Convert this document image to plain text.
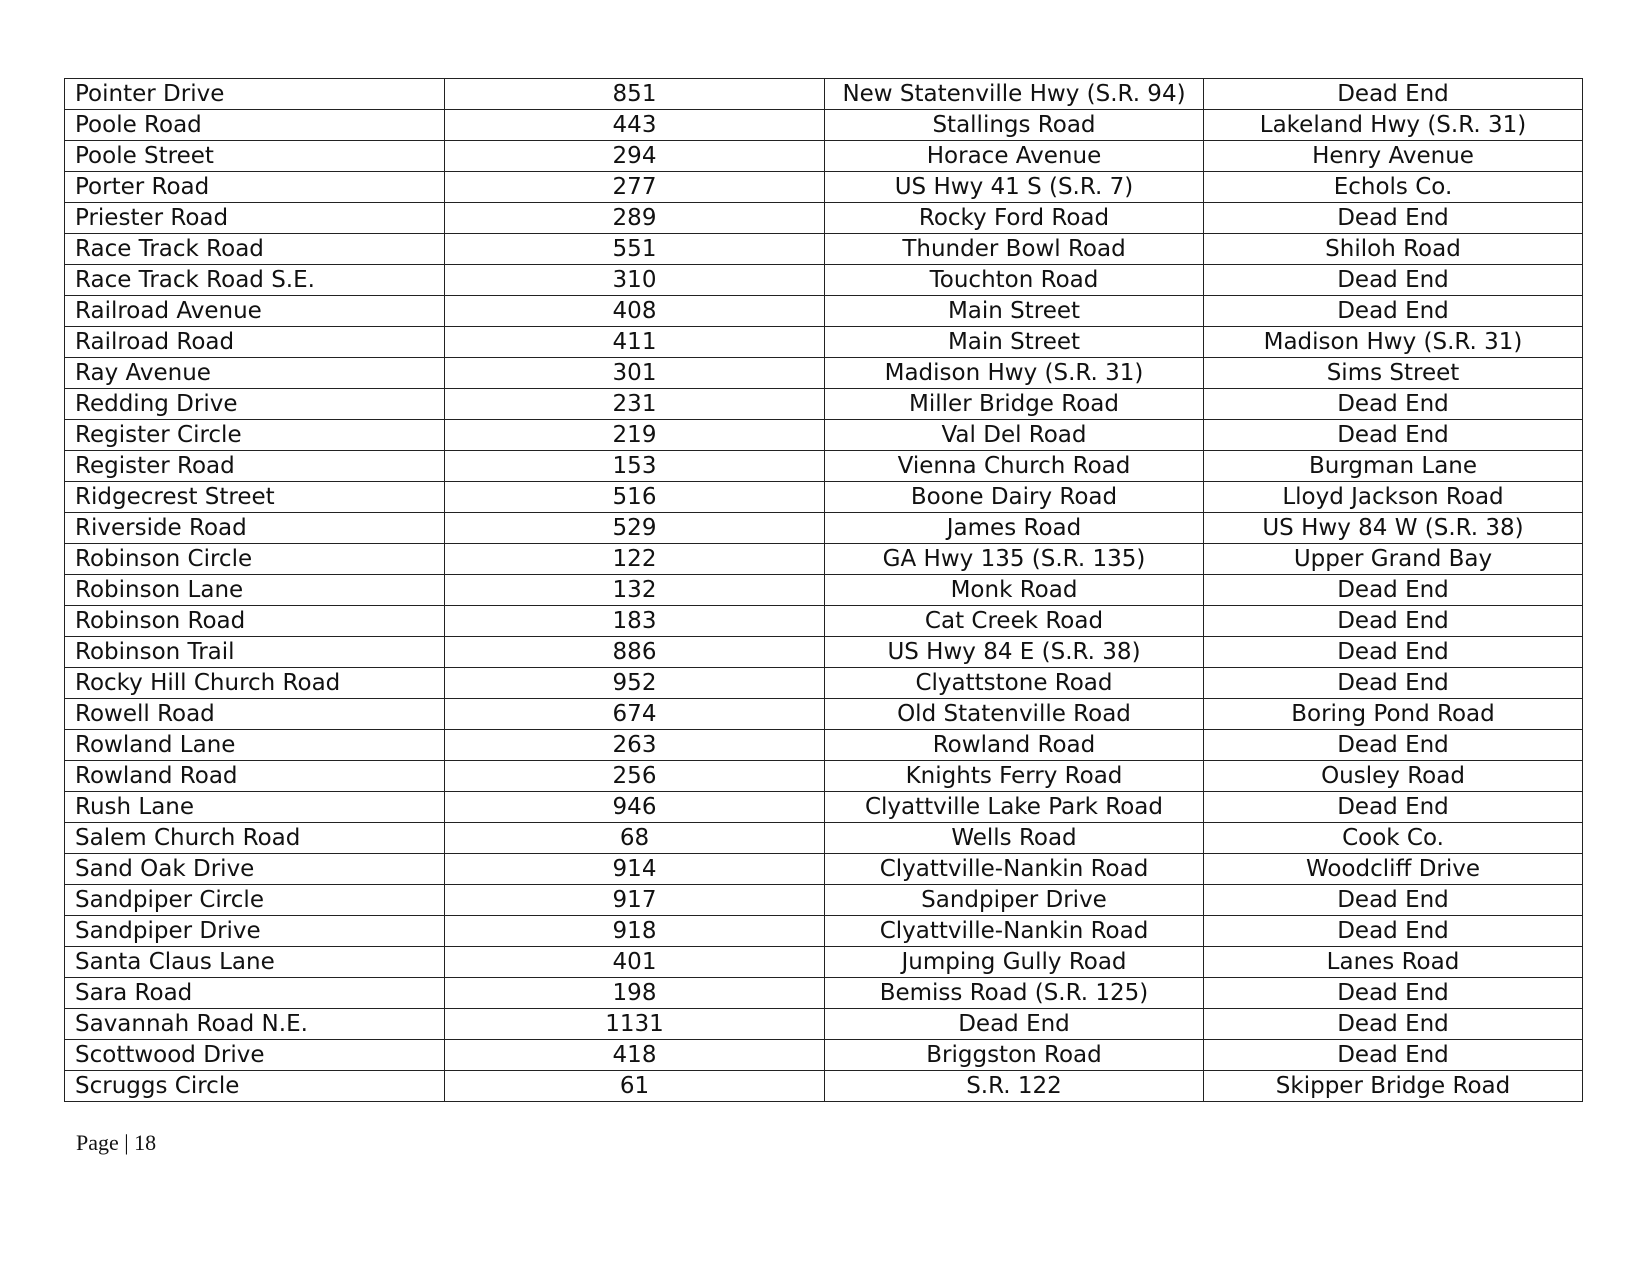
Pointer Drive	851	New Statenville Hwy (S.R. 94)	Dead End
Poole Road	443	Stallings Road	Lakeland Hwy (S.R. 31)
Poole Street	294	Horace Avenue	Henry Avenue
Porter Road	277	US Hwy 41 S (S.R. 7)	Echols Co.
Priester Road	289	Rocky Ford Road	Dead End
Race Track Road	551	Thunder Bowl Road	Shiloh Road
Race Track Road S.E.	310	Touchton Road	Dead End
Railroad Avenue	408	Main Street	Dead End
Railroad Road	411	Main Street	Madison Hwy (S.R. 31)
Ray Avenue	301	Madison Hwy (S.R. 31)	Sims Street
Redding Drive	231	Miller Bridge Road	Dead End
Register Circle	219	Val Del Road	Dead End
Register Road	153	Vienna Church Road	Burgman Lane
Ridgecrest Street	516	Boone Dairy Road	Lloyd Jackson Road
Riverside Road	529	James Road	US Hwy 84 W (S.R. 38)
Robinson Circle	122	GA Hwy 135 (S.R. 135)	Upper Grand Bay
Robinson Lane	132	Monk Road	Dead End
Robinson Road	183	Cat Creek Road	Dead End
Robinson Trail	886	US Hwy 84 E (S.R. 38)	Dead End
Rocky Hill Church Road	952	Clyattstone Road	Dead End
Rowell Road	674	Old Statenville Road	Boring Pond Road
Rowland Lane	263	Rowland Road	Dead End
Rowland Road	256	Knights Ferry Road	Ousley Road
Rush Lane	946	Clyattville Lake Park Road	Dead End
Salem Church Road	68	Wells Road	Cook Co.
Sand Oak Drive	914	Clyattville-Nankin Road	Woodcliff Drive
Sandpiper Circle	917	Sandpiper Drive	Dead End
Sandpiper Drive	918	Clyattville-Nankin Road	Dead End
Santa Claus Lane	401	Jumping Gully Road	Lanes Road
Sara Road	198	Bemiss Road (S.R. 125)	Dead End
Savannah Road N.E.	1131	Dead End	Dead End
Scottwood Drive	418	Briggston Road	Dead End
Scruggs Circle	61	S.R. 122	Skipper Bridge Road
Page | 18
